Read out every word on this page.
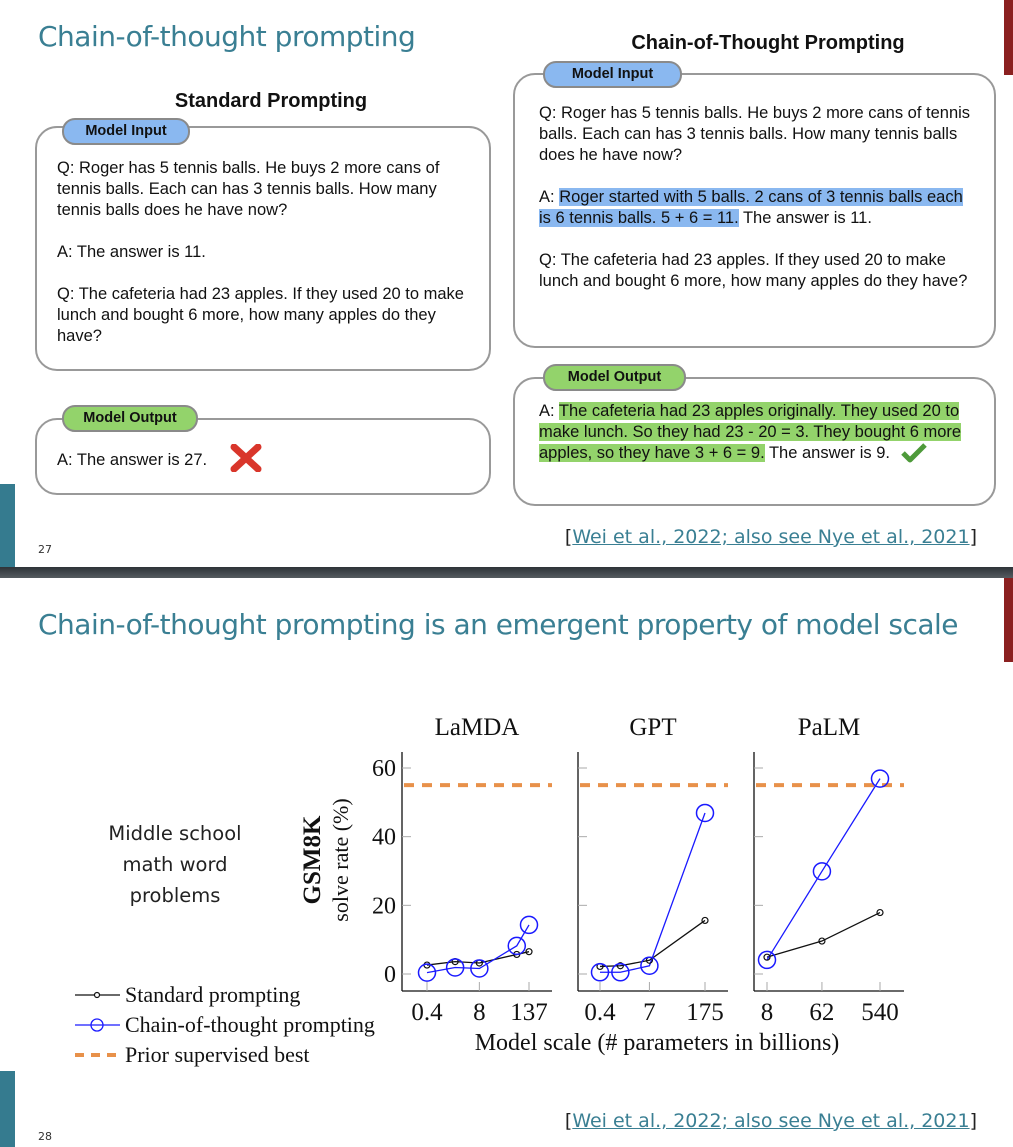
Chain-of-thought prompting
Standard Prompting

Q: Roger has 5 tennis balls. He buys 2 more cans of tennis balls. Each can has 3 tennis balls. How many tennis balls does he have now?

A: The answer is 11.

Q: The cafeteria had 23 apples. If they used 20 to make lunch and bought 6 more, how many apples do they have?

Model Input
A: The answer is 27.
Model Output
Chain-of-Thought Prompting

Q: Roger has 5 tennis balls. He buys 2 more cans of tennis balls. Each can has 3 tennis balls. How many tennis balls does he have now?

A: Roger started with 5 balls. 2 cans of 3 tennis balls each is 6 tennis balls. 5 + 6 = 11. The answer is 11.

Q: The cafeteria had 23 apples. If they used 20 to make lunch and bought 6 more, how many apples do they have?

Model Input

A: The cafeteria had 23 apples originally. They used 20 to make lunch. So they had 23 - 20 = 3. They bought 6 more apples, so they have 3 + 6 = 9. The answer is 9.

Model Output
[Wei et al., 2022; also see Nye et al., 2021]
27
Chain-of-thought prompting is an emergent property of model scale
Middle school math word problems
0
20
40
60
GSM8K solve rate (%)
Model scale (# parameters in billions)
LaMDA
0.4 8 137
GPT
0.4 7 175
PaLM
8 62 540
Standard prompting
Chain-of-thought prompting
Prior supervised best
[Wei et al., 2022; also see Nye et al., 2021]
28
